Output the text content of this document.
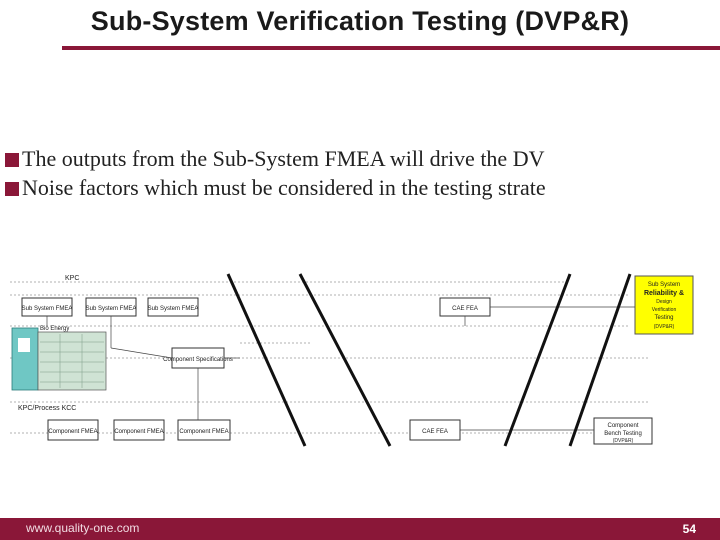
Sub-System Verification Testing (DVP&R)
The outputs from the Sub-System FMEA will drive the DV
Noise factors which must be considered in the testing strate
KPC
Sub System FMEA Sub System FMEA Sub System FMEA
Bio Energy
Component Specifications
CAE FEA
Sub System
Reliability &
Design
Verification
Testing
(DVP&R)
KPC/Process KCC
Component FMEA	Component FMEA	Component FMEA	CAE FEA
Component
Bench Testing
(DVP&R)
www.quality-one.com	54
